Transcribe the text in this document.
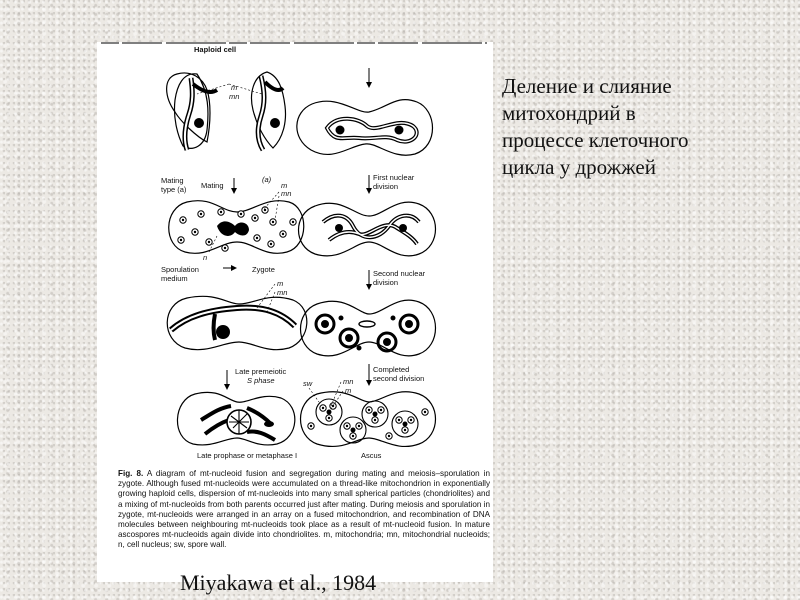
Haploid cell
m
mn
Mating
type (a) Mating
(a)
m
mn
First nuclear
division
n
Sporulation
medium
Zygote
m
mn
Second nuclear
division
Late premeiotic
S phase
Completed
second division
sw	mn
m
Late prophase or metaphase I	Ascus
Fig. 8. A diagram of mt-nucleoid fusion and segregation during mating and meiosis–sporulation in zygote. Although fused mt-nucleoids were accumulated on a thread-like mitochondrion in exponentially growing haploid cells, dispersion of mt-nucleoids into many small spherical particles (chondriolites) and a mixing of mt-nucleoids from both parents occurred just after mating. During meiosis and sporulation in zygote, mt-nucleoids were arranged in an array on a fused mitochondrion, and recombination of DNA molecules between neighbouring mt-nucleoids took place as a result of mt-nucleoid fusion. In mature ascospores mt-nucleoids again divide into chondriolites. m, mitochondria; mn, mitochondrial nucleoids; n, cell nucleus; sw, spore wall.
Деление и слияние
митохондрий в
процессе клеточного
цикла у дрожжей
Miyakawa et al., 1984
